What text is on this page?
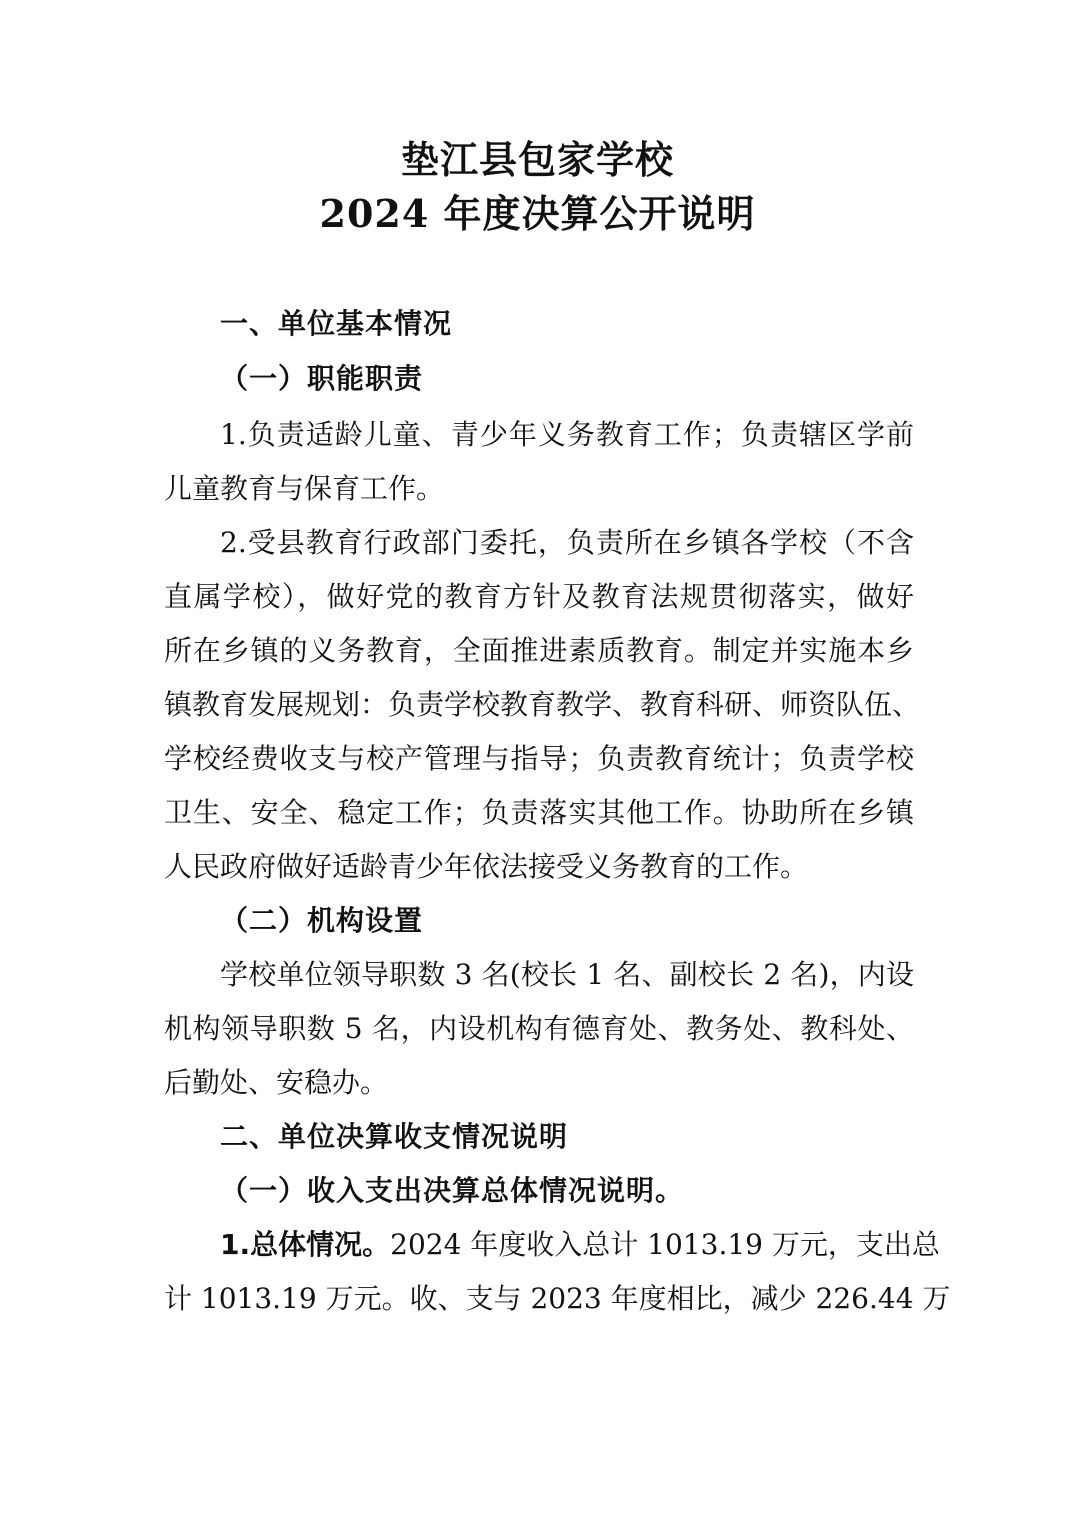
垫江县包家学校
2024 年度决算公开说明
一、单位基本情况
（一）职能职责
1.负责适龄儿童、青少年义务教育工作；负责辖区学前
儿童教育与保育工作。
2.受县教育行政部门委托，负责所在乡镇各学校（不含
直属学校），做好党的教育方针及教育法规贯彻落实，做好
所在乡镇的义务教育，全面推进素质教育。制定并实施本乡
镇教育发展规划：负责学校教育教学、教育科研、师资队伍、
学校经费收支与校产管理与指导；负责教育统计；负责学校
卫生、安全、稳定工作；负责落实其他工作。协助所在乡镇
人民政府做好适龄青少年依法接受义务教育的工作。
（二）机构设置
学校单位领导职数 3 名(校长 1 名、副校长 2 名)，内设
机构领导职数 5 名，内设机构有德育处、教务处、教科处、
后勤处、安稳办。
二、单位决算收支情况说明
（一）收入支出决算总体情况说明。
1.总体情况。2024 年度收入总计 1013.19 万元，支出总
计 1013.19 万元。收、支与 2023 年度相比，减少 226.44 万
